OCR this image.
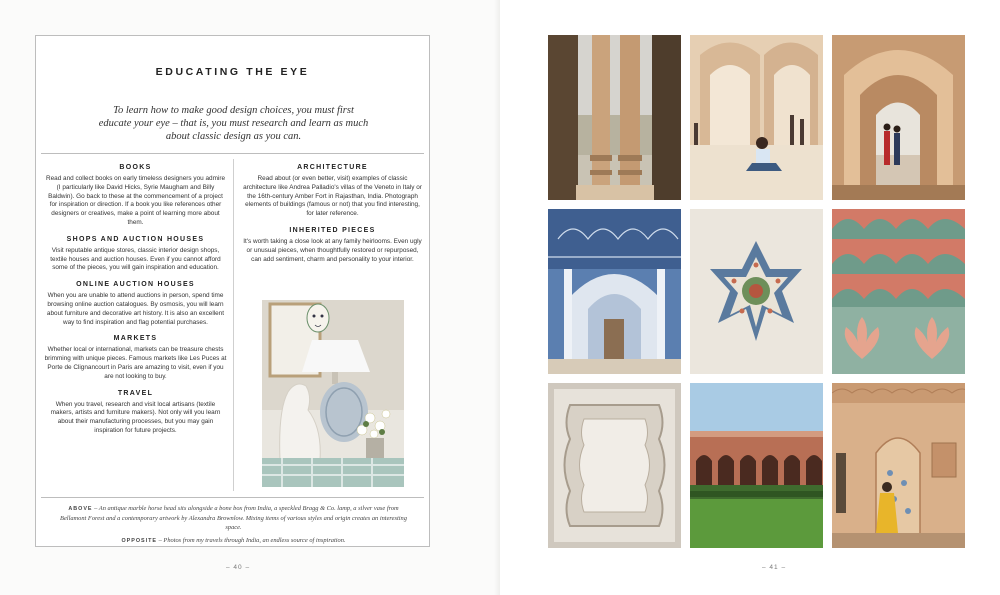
EDUCATING THE EYE
To learn how to make good design choices, you must first educate your eye – that is, you must research and learn as much about classic design as you can.
BOOKS

Read and collect books on early timeless designers you admire (I particularly like David Hicks, Syrie Maugham and Billy Baldwin). Go back to these at the commencement of a project for inspiration or direction. If a book you like references other designers or creatives, make a point of learning more about them.

SHOPS AND AUCTION HOUSES

Visit reputable antique stores, classic interior design shops, textile houses and auction houses. Even if you cannot afford some of the pieces, you will gain inspiration and education.

ONLINE AUCTION HOUSES

When you are unable to attend auctions in person, spend time browsing online auction catalogues. By osmosis, you will learn about furniture and decorative art history. It is also an excellent way to find inspiration and flag potential purchases.

MARKETS

Whether local or international, markets can be treasure chests brimming with unique pieces. Famous markets like Les Puces at Porte de Clignancourt in Paris are amazing to visit, even if you are not looking to buy.

TRAVEL

When you travel, research and visit local artisans (textile makers, artists and furniture makers). Not only will you learn about their manufacturing processes, but you may gain inspiration for future projects.

ARCHITECTURE

Read about (or even better, visit) examples of classic architecture like Andrea Palladio's villas of the Veneto in Italy or the 16th-century Amber Fort in Rajasthan, India. Photograph elements of buildings (famous or not) that you find interesting, for later reference.

INHERITED PIECES

It's worth taking a close look at any family heirlooms. Even ugly or unusual pieces, when thoughtfully restored or repurposed, can add sentiment, charm and personality to your interior.

ABOVE – An antique marble horse head sits alongside a bone box from India, a speckled Bragg & Co. lamp, a silver vase from Bellamont Forest and a contemporary artwork by Alexandra Brownlow. Mixing items of various styles and origin creates an interesting space.
OPPOSITE – Photos from my travels through India, an endless source of inspiration.
– 40 –	– 41 –
